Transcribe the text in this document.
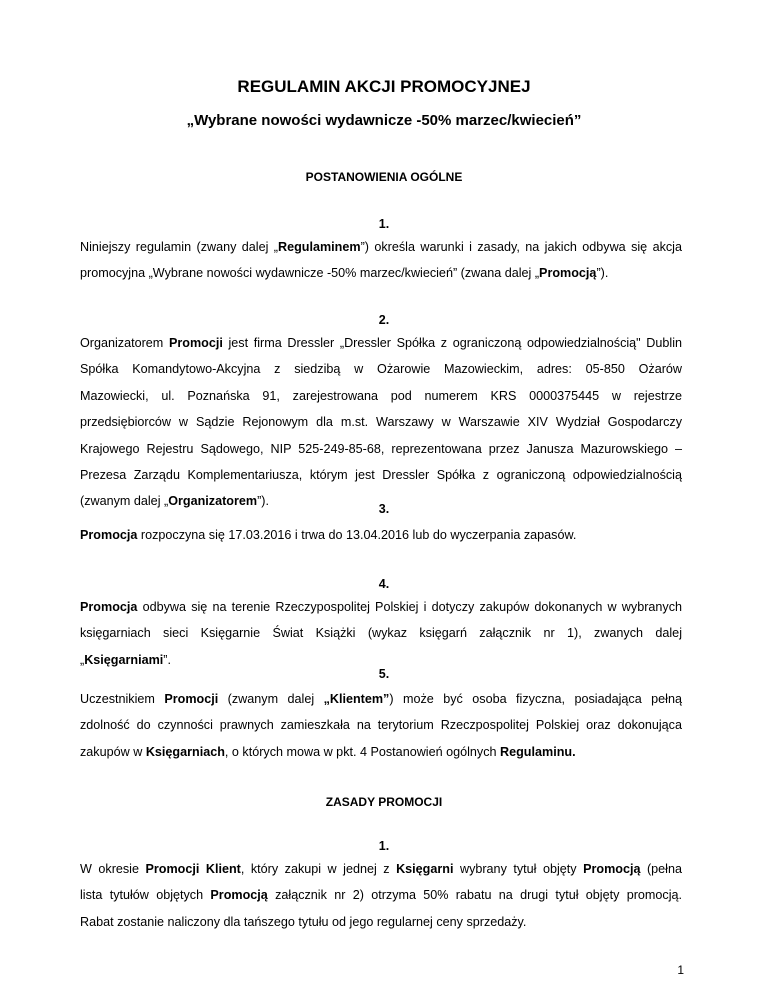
REGULAMIN AKCJI PROMOCYJNEJ
„Wybrane nowości wydawnicze -50% marzec/kwiecień”
POSTANOWIENIA OGÓLNE
1.
Niniejszy regulamin (zwany dalej „Regulaminem”) określa warunki i zasady, na jakich odbywa się akcja
promocyjna „Wybrane nowości wydawnicze -50% marzec/kwiecień” (zwana dalej „Promocją”).
2.
Organizatorem Promocji jest firma Dressler „Dressler Spółka z ograniczoną odpowiedzialnością" Dublin
Spółka Komandytowo-Akcyjna z siedzibą w Ożarowie Mazowieckim, adres: 05-850 Ożarów
Mazowiecki, ul. Poznańska 91, zarejestrowana pod numerem KRS 0000375445 w rejestrze
przedsiębiorców w Sądzie Rejonowym dla m.st. Warszawy w Warszawie XIV Wydział Gospodarczy
Krajowego Rejestru Sądowego, NIP 525-249-85-68, reprezentowana przez Janusza Mazurowskiego –
Prezesa Zarządu Komplementariusza, którym jest Dressler Spółka z ograniczoną odpowiedzialnością
(zwanym dalej „Organizatorem”).
3.
Promocja rozpoczyna się 17.03.2016 i trwa do 13.04.2016 lub do wyczerpania zapasów.
4.
Promocja odbywa się na terenie Rzeczypospolitej Polskiej i dotyczy zakupów dokonanych w wybranych
księgarniach sieci Księgarnie Świat Książki (wykaz księgarń załącznik nr 1), zwanych dalej
„Księgarniami”.
5.
Uczestnikiem Promocji (zwanym dalej „Klientem”) może być osoba fizyczna, posiadająca pełną
zdolność do czynności prawnych zamieszkała na terytorium Rzeczpospolitej Polskiej oraz dokonująca
zakupów w Księgarniach, o których mowa w pkt. 4 Postanowień ogólnych Regulaminu.
ZASADY PROMOCJI
1.
W okresie Promocji Klient, który zakupi w jednej z Księgarni wybrany tytuł objęty Promocją (pełna
lista tytułów objętych Promocją załącznik nr 2) otrzyma 50% rabatu na drugi tytuł objęty promocją.
Rabat zostanie naliczony dla tańszego tytułu od jego regularnej ceny sprzedaży.
1
